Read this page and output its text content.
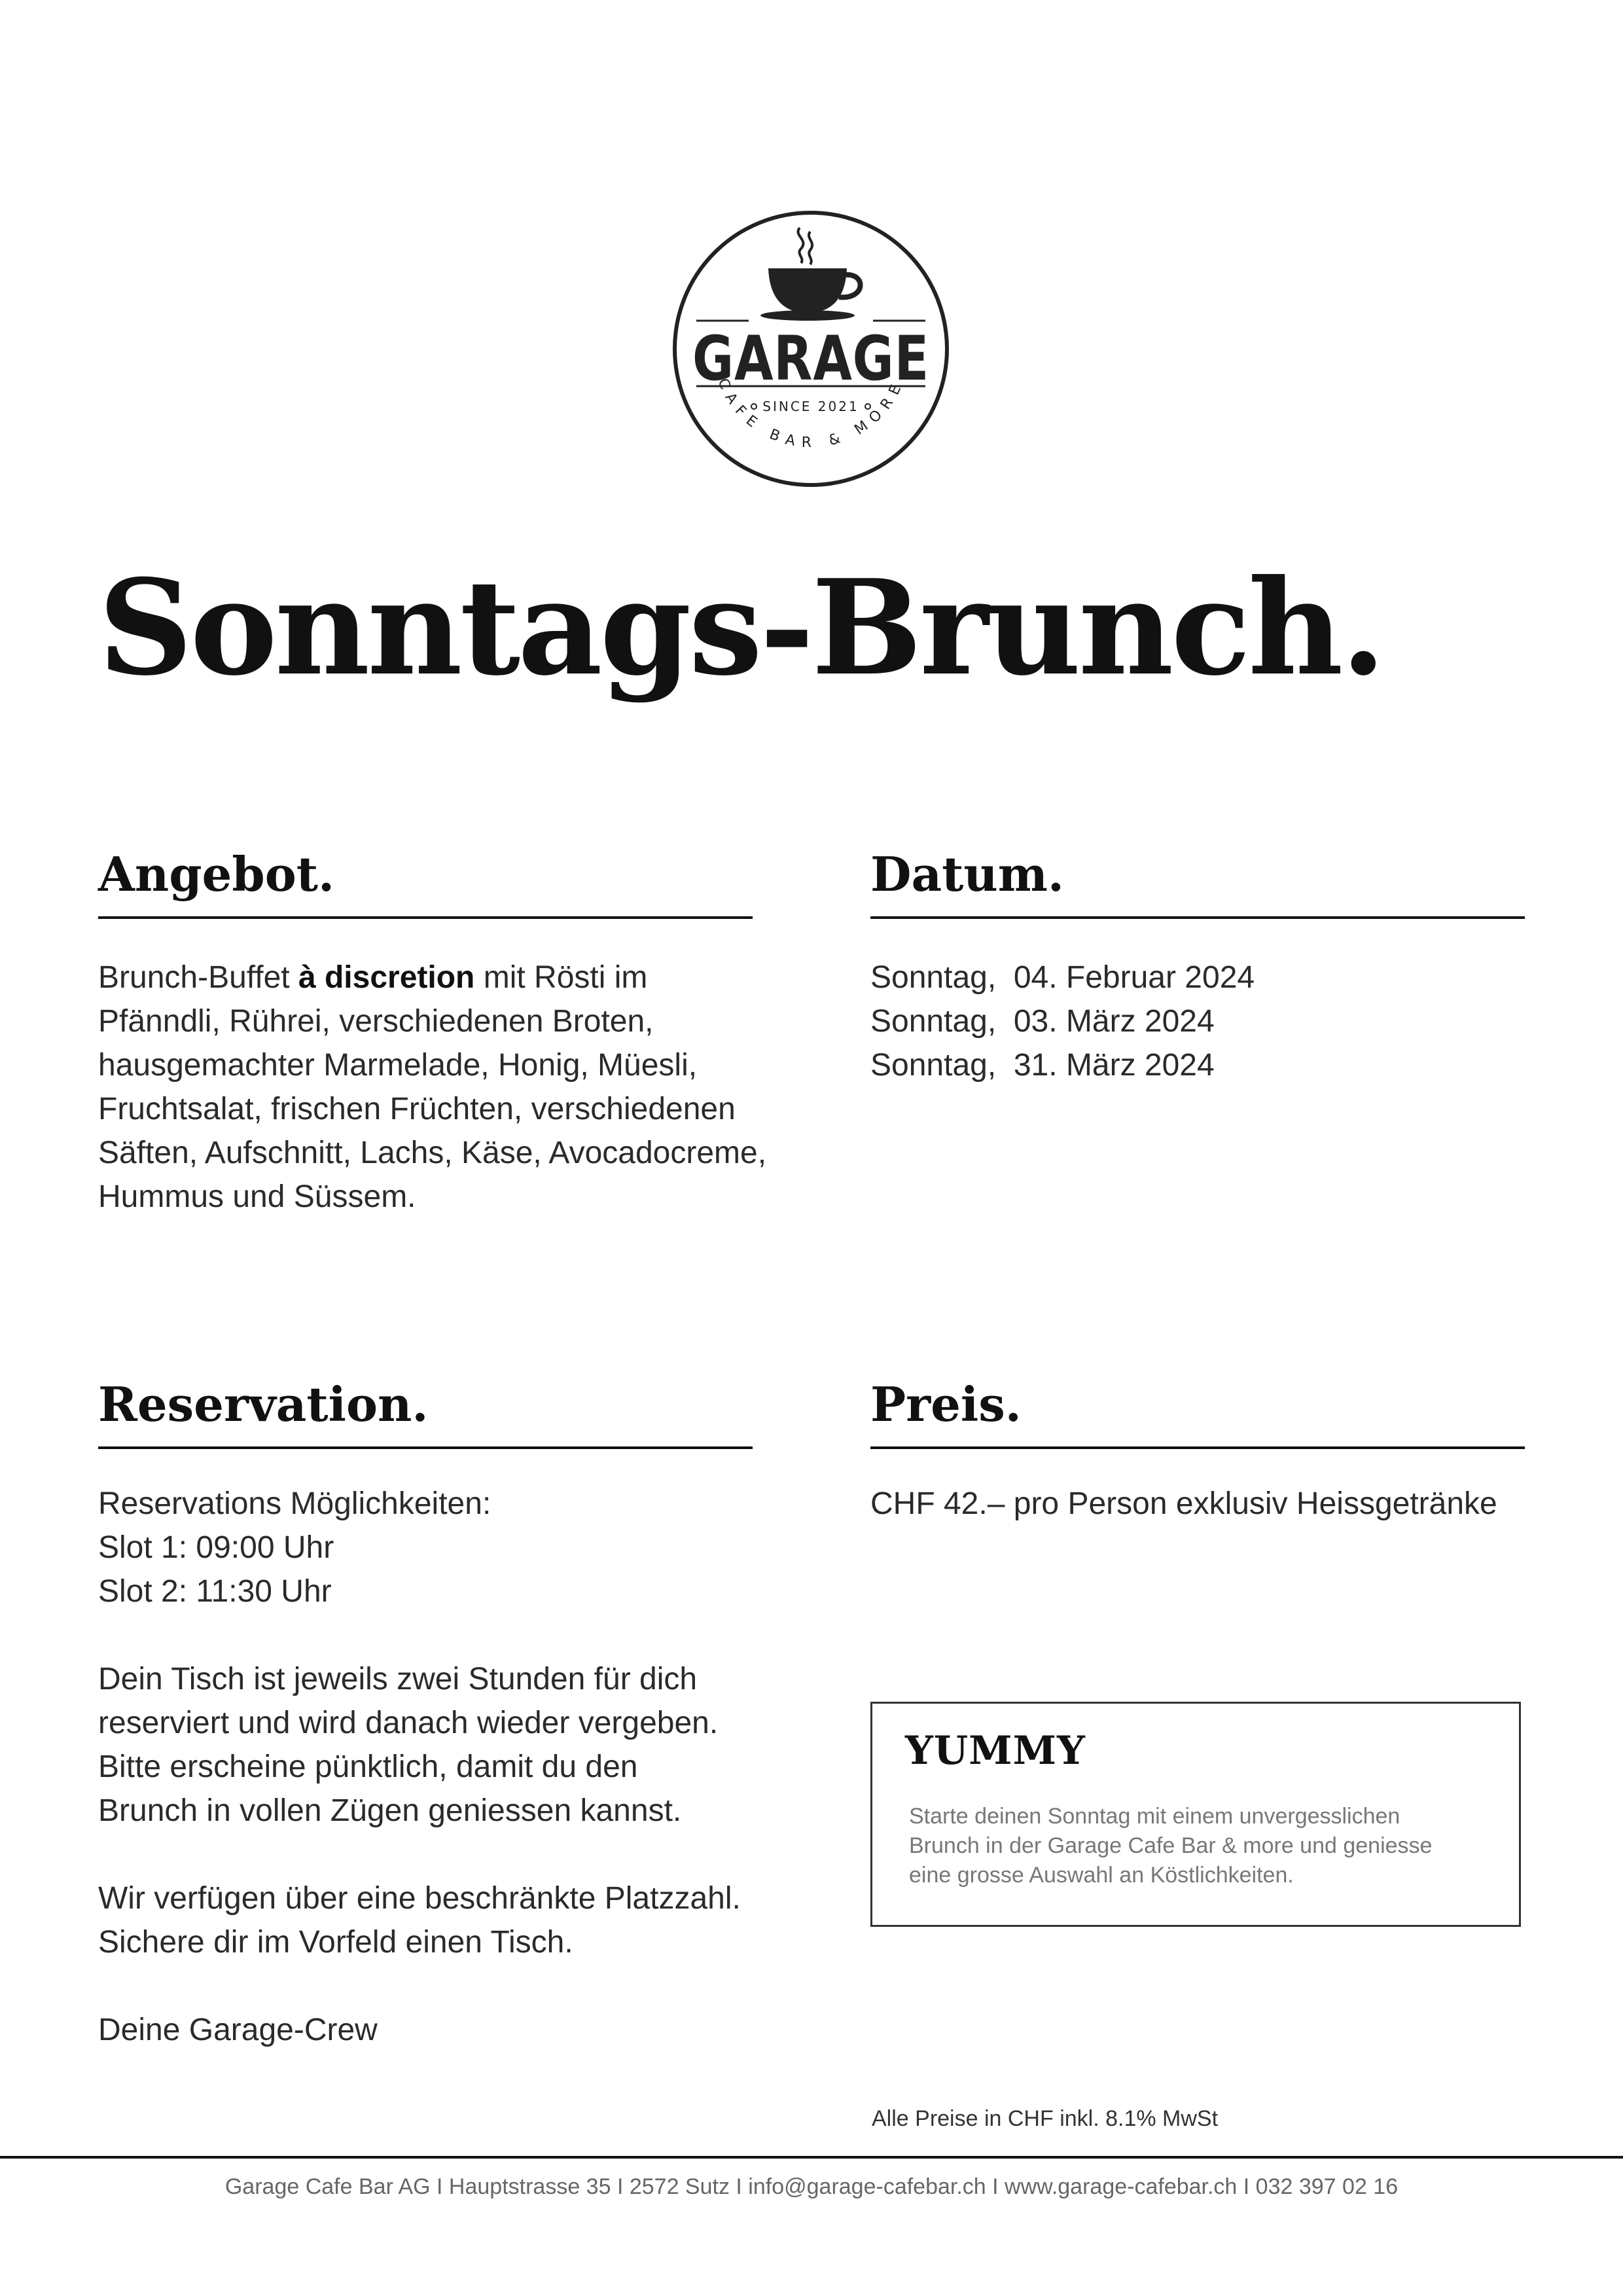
GARAGE
SINCE 2021
CAFE BAR & MORE
Sonntags-Brunch.
Angebot.
Brunch-Buffet à discretion mit Rösti im
Pfänndli, Rührei, verschiedenen Broten,
hausgemachter Marmelade, Honig, Müesli,
Fruchtsalat, frischen Früchten, verschiedenen
Säften, Aufschnitt, Lachs, Käse, Avocadocreme,
Hummus und Süssem.
Datum.
Sonntag,  04. Februar 2024
Sonntag,  03. März 2024
Sonntag,  31. März 2024
Reservation.
Reservations Möglichkeiten:
Slot 1: 09:00 Uhr
Slot 2: 11:30 Uhr
Dein Tisch ist jeweils zwei Stunden für dich
reserviert und wird danach wieder vergeben.
Bitte erscheine pünktlich, damit du den
Brunch in vollen Zügen geniessen kannst.
Wir verfügen über eine beschränkte Platzzahl.
Sichere dir im Vorfeld einen Tisch.
Deine Garage-Crew
Preis.
CHF 42.– pro Person exklusiv Heissgetränke
YUMMY
Starte deinen Sonntag mit einem unvergesslichen
Brunch in der Garage Cafe Bar & more und geniesse
eine grosse Auswahl an Köstlichkeiten.
Alle Preise in CHF inkl. 8.1% MwSt
Garage Cafe Bar AG I Hauptstrasse 35 I 2572 Sutz I info@garage-cafebar.ch I www.garage-cafebar.ch I 032 397 02 16
